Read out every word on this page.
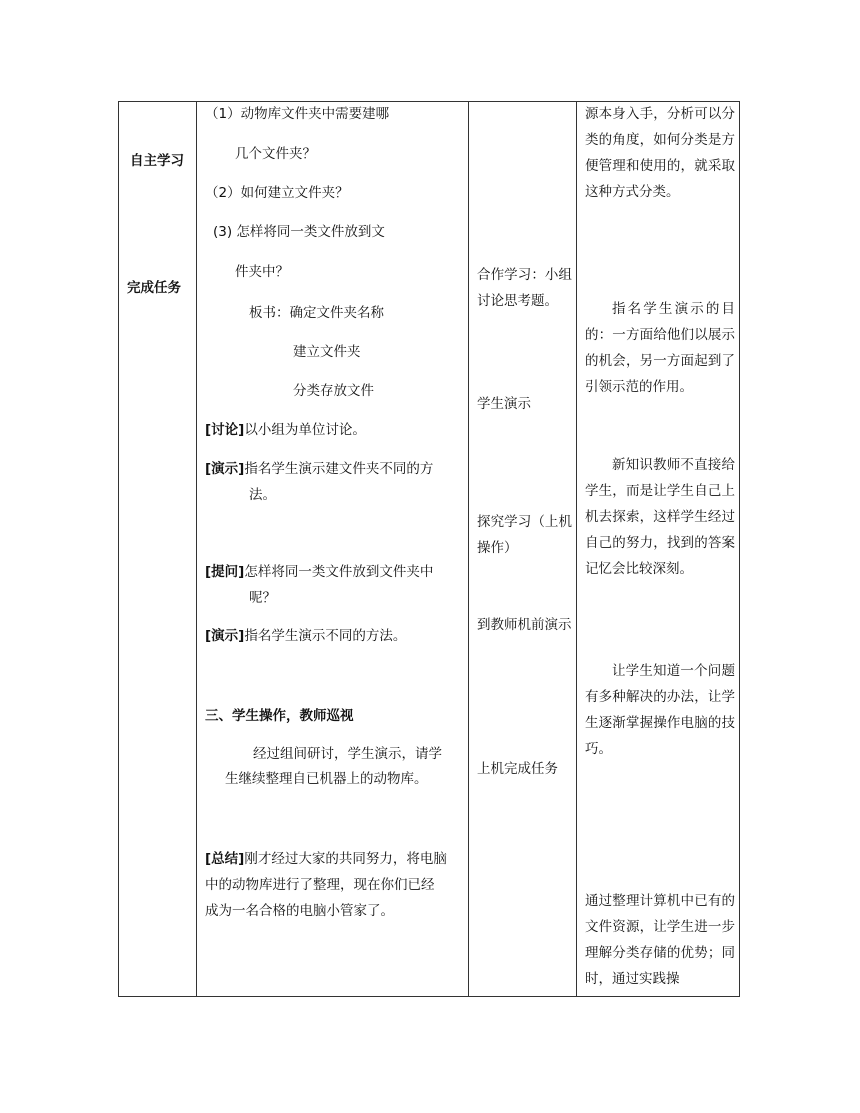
自主学习
完成任务
（1）动物库文件夹中需要建哪
几个文件夹？
（2）如何建立文件夹？
(3) 怎样将同一类文件放到文
件夹中？
板书：确定文件夹名称
建立文件夹
分类存放文件
[讨论]以小组为单位讨论。
[演示]指名学生演示建文件夹不同的方
法。
[提问]怎样将同一类文件放到文件夹中
呢？
[演示]指名学生演示不同的方法。
三、学生操作，教师巡视
经过组间研讨，学生演示，请学
生继续整理自已机器上的动物库。
[总结]刚才经过大家的共同努力，将电脑
中的动物库进行了整理，现在你们已经
成为一名合格的电脑小管家了。
合作学习：小组讨论思考题。
学生演示
探究学习（上机操作）
到教师机前演示
上机完成任务
源本身入手，分析可以分类的角度，如何分类是方便管理和使用的，就采取这种方式分类。
指名学生演示的目的：一方面给他们以展示的机会，另一方面起到了引领示范的作用。
新知识教师不直接给学生，而是让学生自己上机去探索，这样学生经过自己的努力，找到的答案记忆会比较深刻。
让学生知道一个问题有多种解决的办法，让学生逐渐掌握操作电脑的技巧。
通过整理计算机中已有的文件资源，让学生进一步理解分类存储的优势；同时，通过实践操
